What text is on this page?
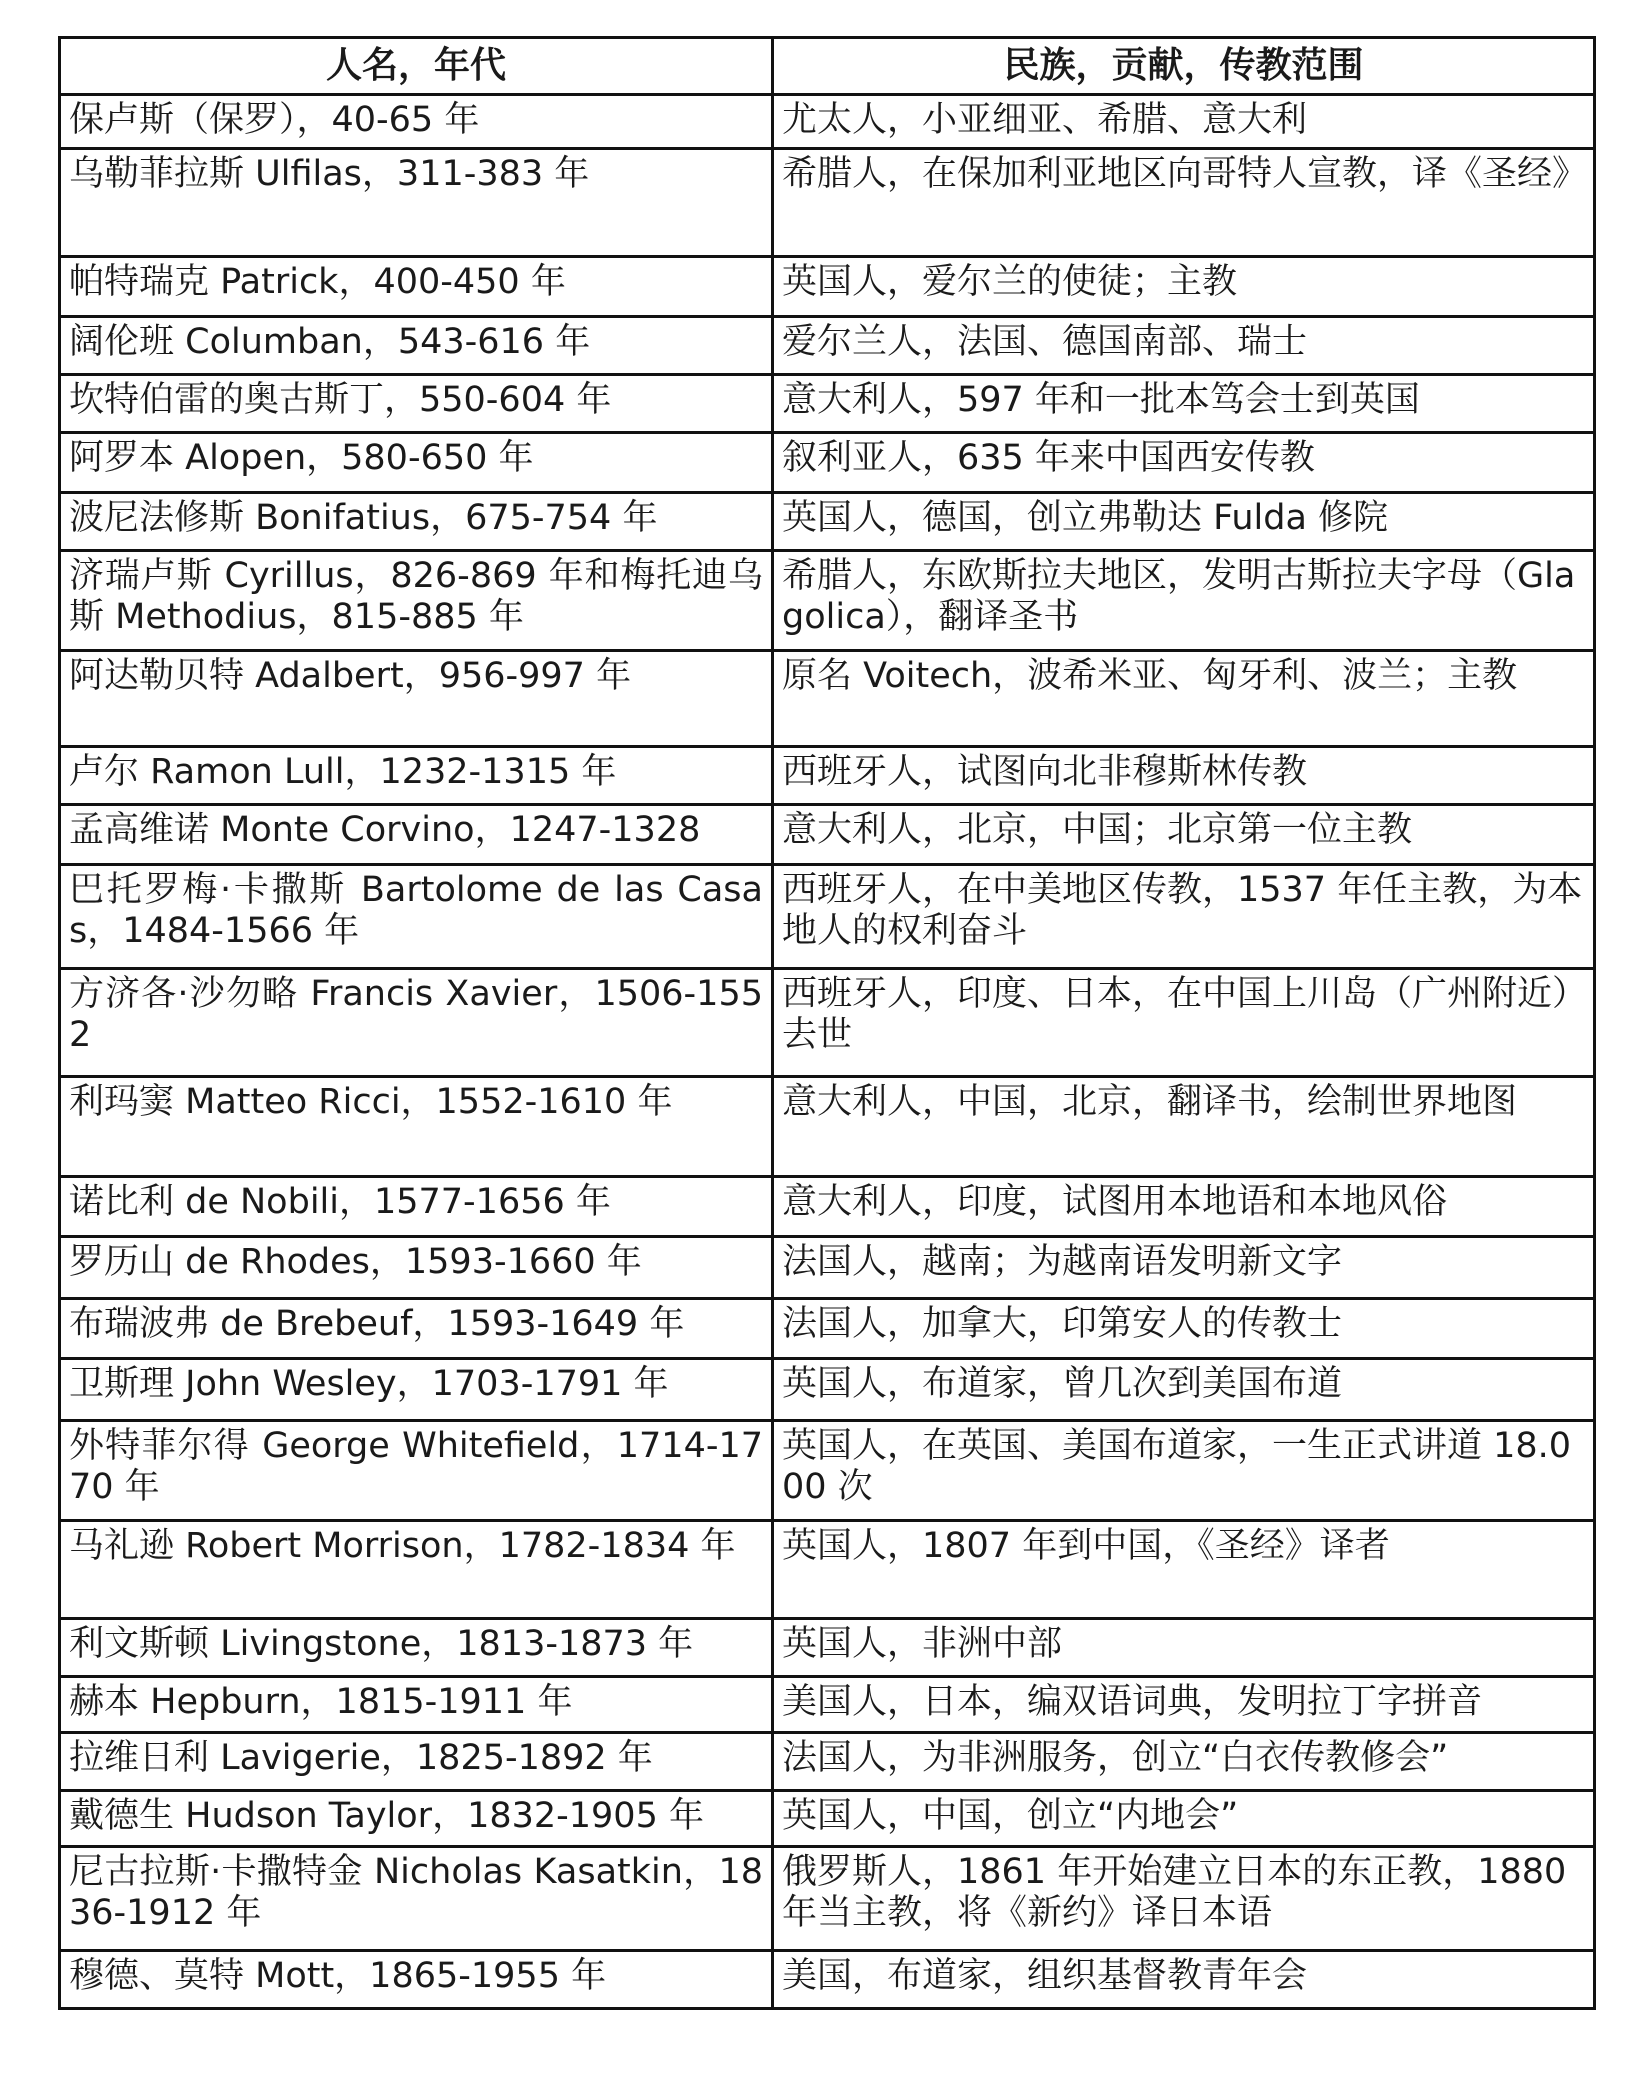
人名，年代	民族，贡献，传教范围
保卢斯（保罗），40-65 年	尤太人，小亚细亚、希腊、意大利
乌勒菲拉斯 Ulfilas，311-383 年	希腊人，在保加利亚地区向哥特人宣教，译《圣经》
帕特瑞克 Patrick，400-450 年	英国人，爱尔兰的使徒；主教
阔伦班 Columban，543-616 年	爱尔兰人，法国、德国南部、瑞士
坎特伯雷的奥古斯丁，550-604 年	意大利人，597 年和一批本笃会士到英国
阿罗本 Alopen，580-650 年	叙利亚人，635 年来中国西安传教
波尼法修斯 Bonifatius，675-754 年	英国人，德国，创立弗勒达 Fulda 修院
济瑞卢斯 Cyrillus，826-869 年和梅托迪乌斯 Methodius，815-885 年	希腊人，东欧斯拉夫地区，发明古斯拉夫字母（Glagolica），翻译圣书
阿达勒贝特 Adalbert，956-997 年	原名 Voitech，波希米亚、匈牙利、波兰；主教
卢尔 Ramon Lull，1232-1315 年	西班牙人，试图向北非穆斯林传教
孟高维诺 Monte Corvino，1247-1328	意大利人，北京，中国；北京第一位主教
巴托罗梅·卡撒斯 Bartolome de las Casas，1484-1566 年	西班牙人，在中美地区传教，1537 年任主教，为本地人的权利奋斗
方济各·沙勿略 Francis Xavier，1506-1552	西班牙人，印度、日本，在中国上川岛（广州附近）去世
利玛窦 Matteo Ricci，1552-1610 年	意大利人，中国，北京，翻译书，绘制世界地图
诺比利 de Nobili，1577-1656 年	意大利人，印度，试图用本地语和本地风俗
罗历山 de Rhodes，1593-1660 年	法国人，越南；为越南语发明新文字
布瑞波弗 de Brebeuf，1593-1649 年	法国人，加拿大，印第安人的传教士
卫斯理 John Wesley，1703-1791 年	英国人，布道家，曾几次到美国布道
外特菲尔得 George Whitefield，1714-1770 年	英国人，在英国、美国布道家，一生正式讲道 18.000 次
马礼逊 Robert Morrison，1782-1834 年	英国人，1807 年到中国，《圣经》译者
利文斯顿 Livingstone，1813-1873 年	英国人，非洲中部
赫本 Hepburn，1815-1911 年	美国人，日本，编双语词典，发明拉丁字拼音
拉维日利 Lavigerie，1825-1892 年	法国人，为非洲服务，创立“白衣传教修会”
戴德生 Hudson Taylor，1832-1905 年	英国人，中国，创立“内地会”
尼古拉斯·卡撒特金 Nicholas Kasatkin，1836-1912 年	俄罗斯人，1861 年开始建立日本的东正教，1880 年当主教，将《新约》译日本语
穆德、莫特 Mott，1865-1955 年	美国，布道家，组织基督教青年会
